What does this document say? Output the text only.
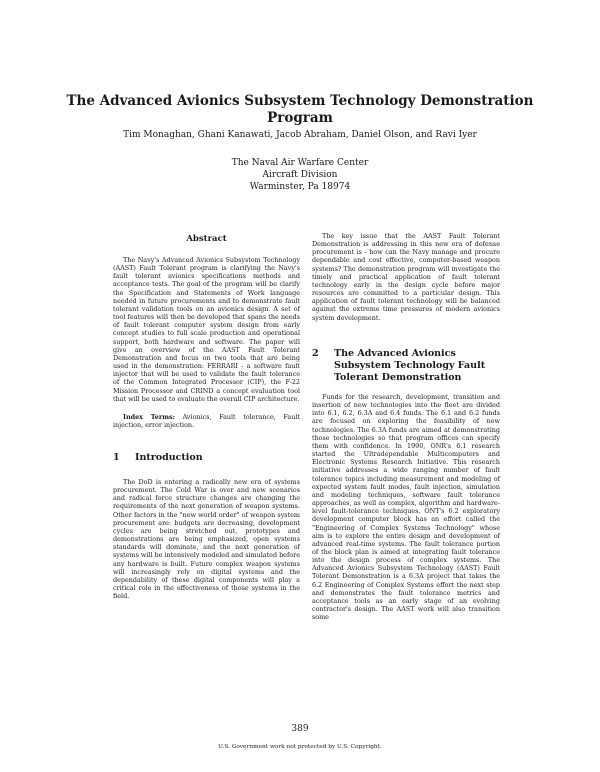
The Advanced Avionics Subsystem Technology Demonstration
Program
Tim Monaghan, Ghani Kanawati, Jacob Abraham, Daniel Olson, and Ravi Iyer
The Naval Air Warfare Center
Aircraft Division
Warminster, Pa 18974
Abstract

The Navy's Advanced Avionics Subsystem Technology (AAST) Fault Tolerant program is clarifying the Navy's fault tolerant avionics specifications methods and acceptance tests. The goal of the program will be clarify the Specification and Statements of Work language needed in future procurements and to demonstrate fault tolerant validation tools on an avionics design. A set of tool features will then be developed that spans the needs of fault tolerant computer system design from early concept studies to full scale production and operational support, both hardware and software. The paper will give an overview of the AAST Fault Tolerant Demonstration and focus on two tools that are being used in the demonstration: FERRARI - a software fault injector that will be used to validate the fault tolerance of the Common Integrated Processor (CIP), the F-22 Mission Processor and CRIND a concept evaluation tool that will be used to evaluate the overall CIP architecture.

Index Terms: Avionics, Fault tolerance, Fault injection, error injection.

1	Introduction

The DoD is entering a radically new era of systems procurement. The Cold War is over and new scenarios and radical force structure changes are changing the requirements of the next generation of weapon systems. Other factors in the "new world order" of weapon system procurement are: budgets are decreasing, development cycles are being stretched out, prototypes and demonstrations are being emphasized, open systems standards will dominate, and the next generation of systems will be intensively modeled and simulated before any hardware is built. Future complex weapon systems will increasingly rely on digital systems and the dependability of these digital components will play a critical role in the effectiveness of those systems in the field.

The key issue that the AAST Fault Tolerant Demonstration is addressing in this new era of defense procurement is - how can the Navy manage and procure dependable and cost effective, computer-based weapon systems? The demonstration program will investigate the timely and practical application of fault tolerant technology early in the design cycle before major resources are committed to a particular design. This application of fault tolerant technology will be balanced against the extreme time pressures of modern avionics system development.

2	The Advanced Avionics Subsystem Technology Fault Tolerant Demonstration

Funds for the research, development, transition and insertion of new technologies into the fleet are divided into 6.1, 6.2, 6.3A and 6.4 funds. The 6.1 and 6.2 funds are focused on exploring the feasibility of new technologies. The 6.3A funds are aimed at demonstrating those technologies so that program offices can specify them with confidence. In 1990, ONR's 6.1 research started the Ultradependable Multicomputers and Electronic Systems Research Initiative. This research initiative addresses a wide ranging number of fault tolerance topics including measurement and modeling of expected system fault modes, fault injection, simulation and modeling techniques, software fault tolerance approaches, as well as complex, algorithm and hardware-level fault-tolerance techniques. ONT's 6.2 exploratory development computer block has an effort called the "Engineering of Complex Systems Technology" whose aim is to explore the entire design and development of advanced real-time systems. The fault tolerance portion of the block plan is aimed at integrating fault tolerance into the design process of complex systems. The Advanced Avionics Subsystem Technology (AAST) Fault Tolerant Demonstration is a 6.3A project that takes the 6.2 Engineering of Complex Systems effort the next step and demonstrates the fault tolerance metrics and acceptance tools as an early stage of an evolving contractor's design. The AAST work will also transition some

389
U.S. Government work not protected by U.S. Copyright.
